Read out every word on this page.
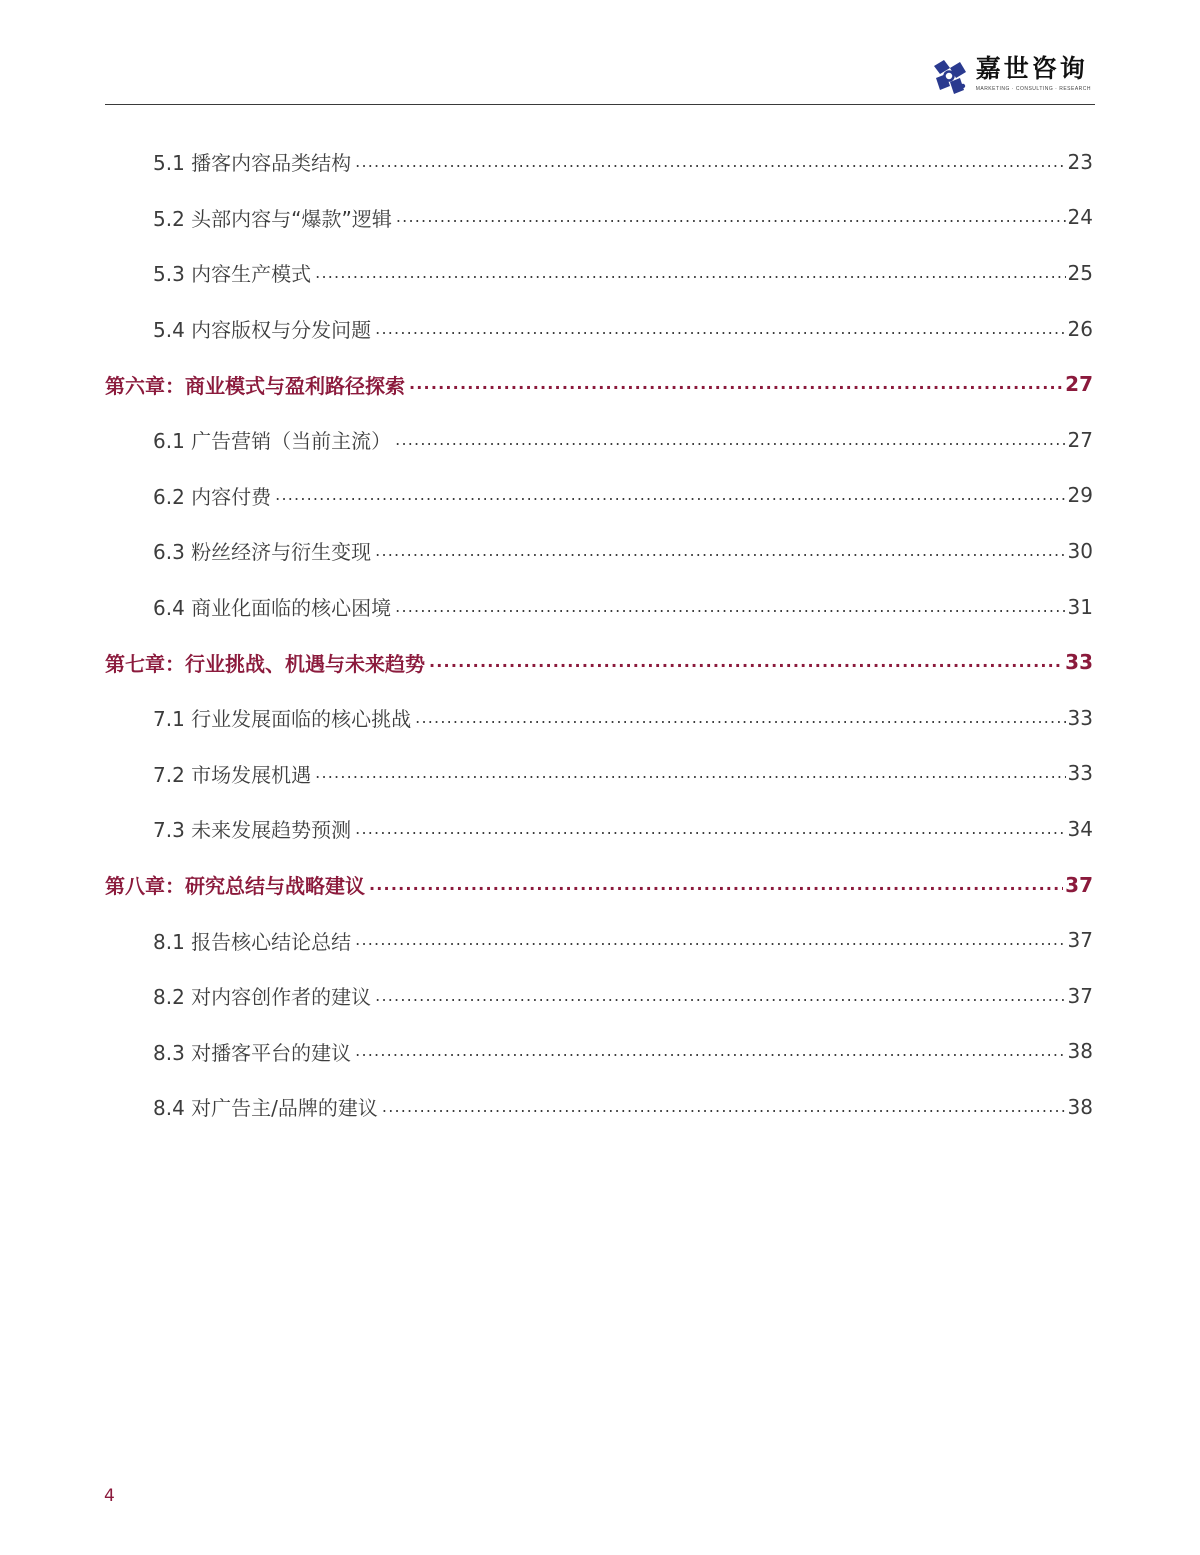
嘉世咨询
MARKETING · CONSULTING · RESEARCH
5.1 播客内容品类结构 .....	23
5.2 头部内容与“爆款”逻辑 .....	24
5.3 内容生产模式 .....	25
5.4 内容版权与分发问题 .....	26
第六章：商业模式与盈利路径探索 .....	27
6.1 广告营销（当前主流） .....	27
6.2 内容付费 .....	29
6.3 粉丝经济与衍生变现 .....	30
6.4 商业化面临的核心困境 .....	31
第七章：行业挑战、机遇与未来趋势 .....	33
7.1 行业发展面临的核心挑战 .....	33
7.2 市场发展机遇 .....	33
7.3 未来发展趋势预测 .....	34
第八章：研究总结与战略建议 .....	37
8.1 报告核心结论总结 .....	37
8.2 对内容创作者的建议 .....	37
8.3 对播客平台的建议 .....	38
8.4 对广告主/品牌的建议 .....	38
4
